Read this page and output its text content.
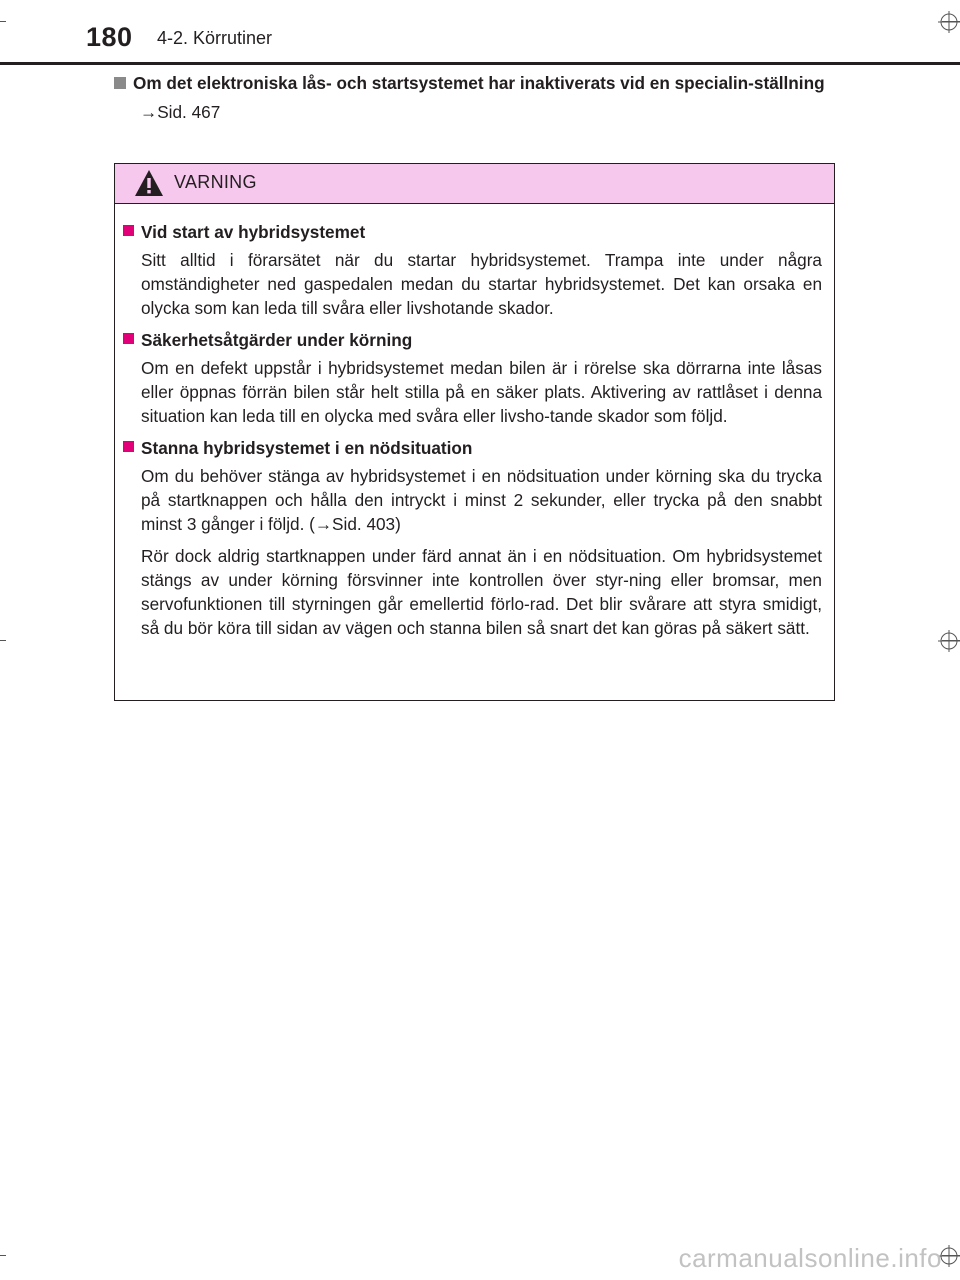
180 4-2. Körrutiner
Om det elektroniska lås- och startsystemet har inaktiverats vid en specialin-ställning
→Sid. 467
VARNING
Vid start av hybridsystemet

Sitt alltid i förarsätet när du startar hybridsystemet. Trampa inte under några omständigheter ned gaspedalen medan du startar hybridsystemet. Det kan orsaka en olycka som kan leda till svåra eller livshotande skador.

Säkerhetsåtgärder under körning

Om en defekt uppstår i hybridsystemet medan bilen är i rörelse ska dörrarna inte låsas eller öppnas förrän bilen står helt stilla på en säker plats. Aktivering av rattlåset i denna situation kan leda till en olycka med svåra eller livsho-tande skador som följd.

Stanna hybridsystemet i en nödsituation

Om du behöver stänga av hybridsystemet i en nödsituation under körning ska du trycka på startknappen och hålla den intryckt i minst 2 sekunder, eller trycka på den snabbt minst 3 gånger i följd. (→Sid. 403)

Rör dock aldrig startknappen under färd annat än i en nödsituation. Om hybridsystemet stängs av under körning försvinner inte kontrollen över styr-ning eller bromsar, men servofunktionen till styrningen går emellertid förlo-rad. Det blir svårare att styra smidigt, så du bör köra till sidan av vägen och stanna bilen så snart det kan göras på säkert sätt.

carmanualsonline.info
